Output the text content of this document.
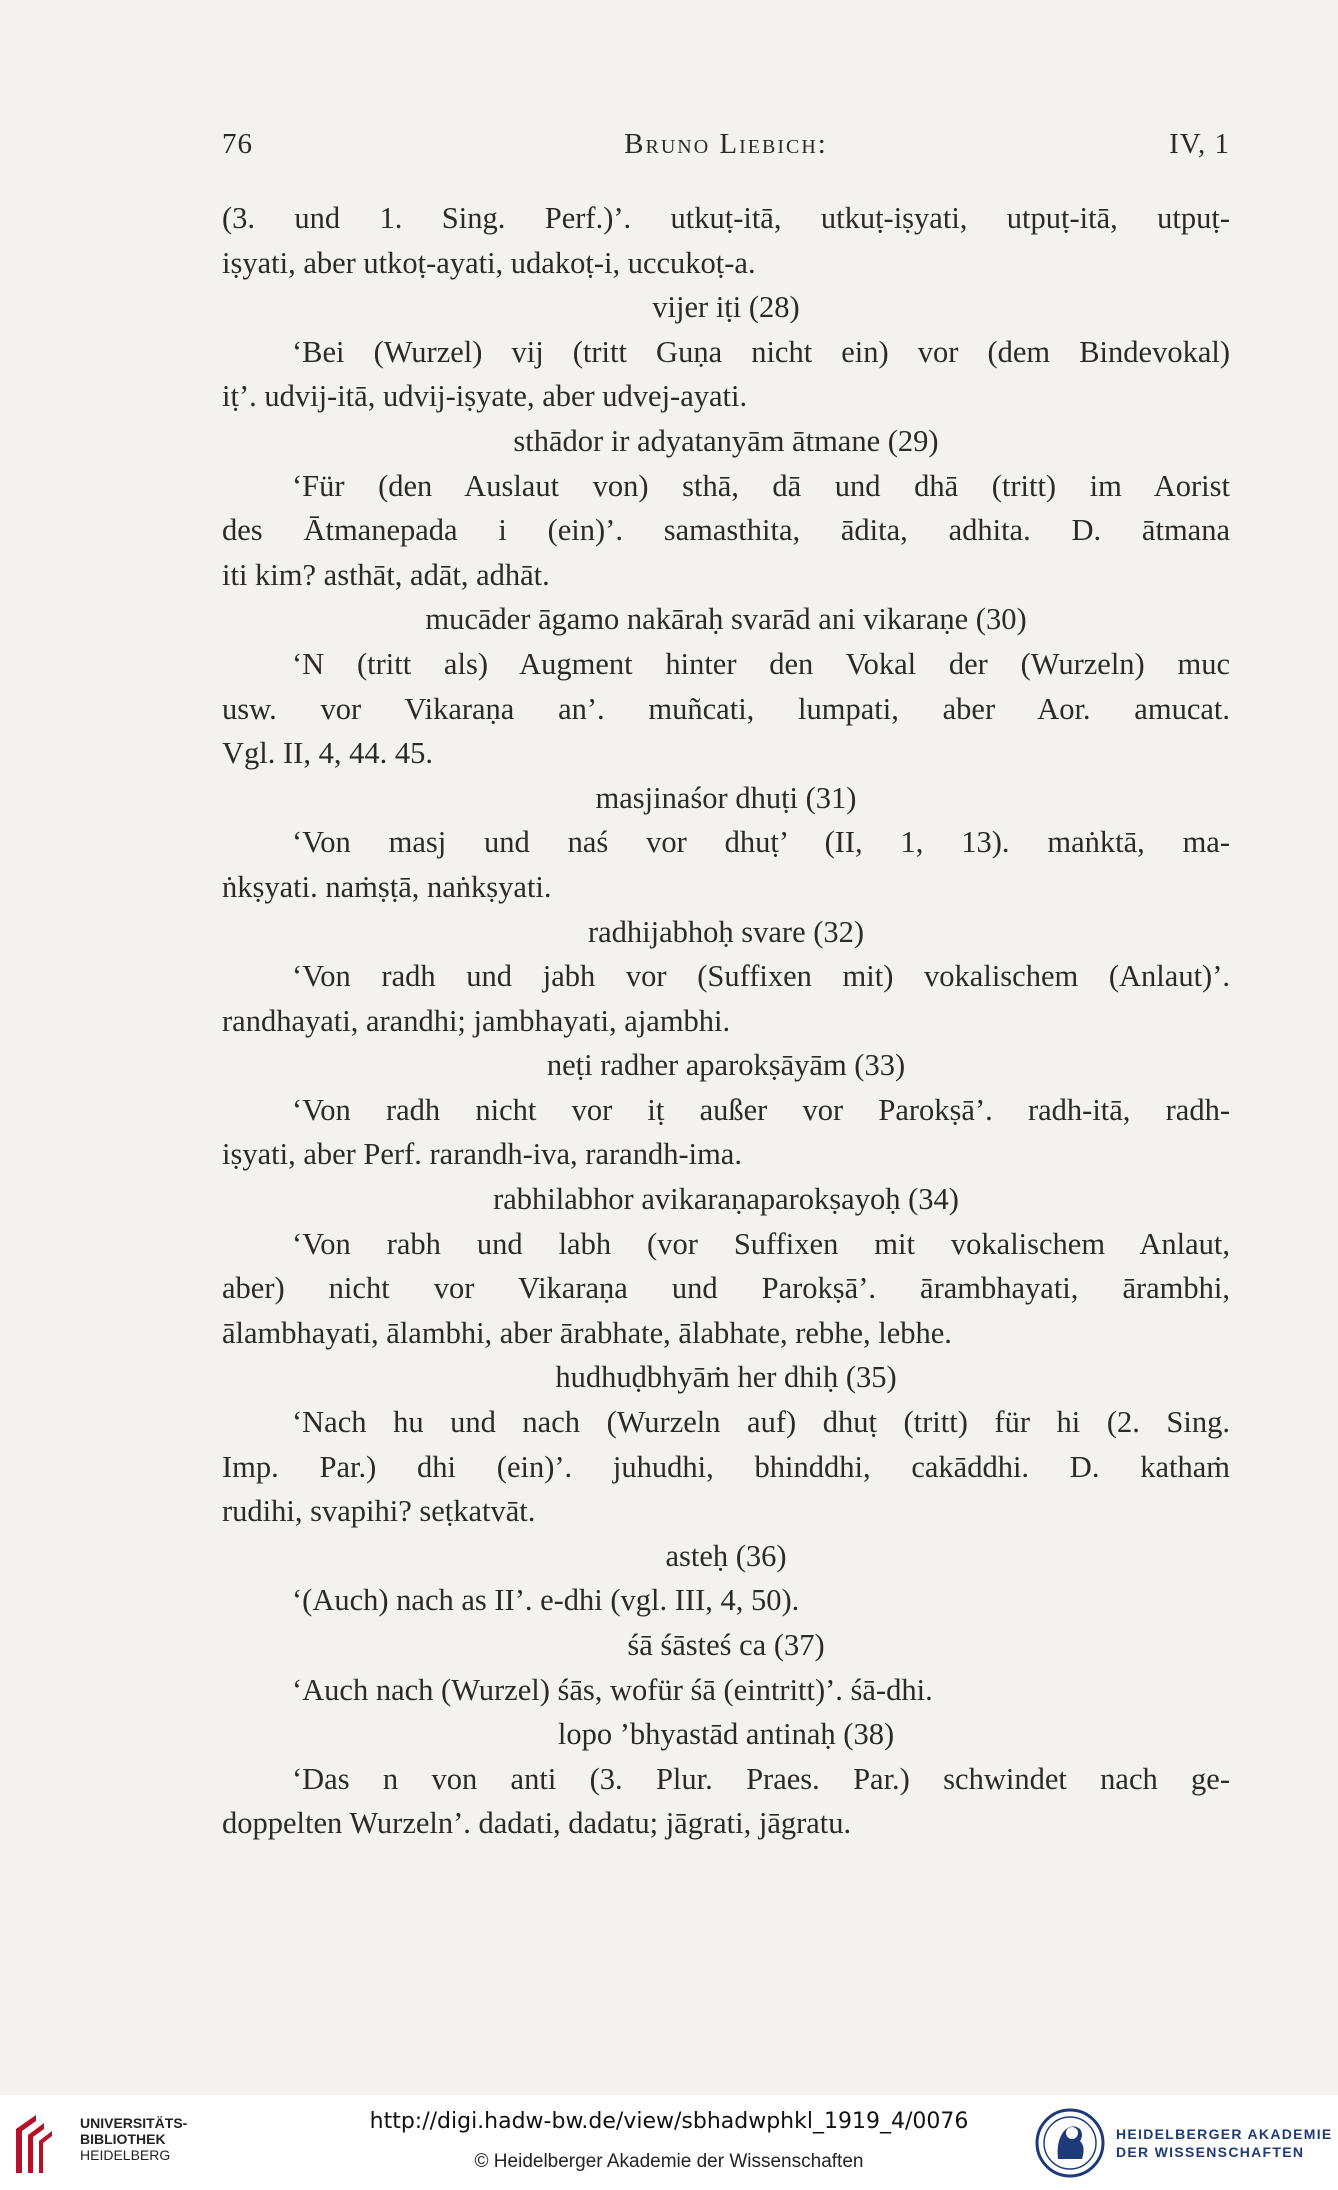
76	Bruno Liebich:	IV, 1

(3. und 1. Sing. Perf.)’. utkuṭ-itā, utkuṭ-iṣyati, utpuṭ-itā, utpuṭ-

iṣyati, aber utkoṭ-ayati, udakoṭ-i, uccukoṭ-a.

vijer iṭi (28)

‘Bei (Wurzel) vij (tritt Guṇa nicht ein) vor (dem Bindevokal)

iṭ’. udvij-itā, udvij-iṣyate, aber udvej-ayati.

sthādor ir adyatanyām ātmane (29)

‘Für (den Auslaut von) sthā, dā und dhā (tritt) im Aorist

des Ātmanepada i (ein)’. samasthita, ādita, adhita. D. ātmana

iti kim? asthāt, adāt, adhāt.

mucāder āgamo nakāraḥ svarād ani vikaraṇe (30)

‘N (tritt als) Augment hinter den Vokal der (Wurzeln) muc

usw. vor Vikaraṇa an’. muñcati, lumpati, aber Aor. amucat.

Vgl. II, 4, 44. 45.

masjinaśor dhuṭi (31)

‘Von masj und naś vor dhuṭ’ (II, 1, 13). maṅktā, ma-

ṅkṣyati. naṁṣṭā, naṅkṣyati.

radhijabhoḥ svare (32)

‘Von radh und jabh vor (Suffixen mit) vokalischem (Anlaut)’.

randhayati, arandhi; jambhayati, ajambhi.

neṭi radher aparokṣāyām (33)

‘Von radh nicht vor iṭ außer vor Parokṣā’. radh-itā, radh-

iṣyati, aber Perf. rarandh-iva, rarandh-ima.

rabhilabhor avikaraṇaparokṣayoḥ (34)

‘Von rabh und labh (vor Suffixen mit vokalischem Anlaut,

aber) nicht vor Vikaraṇa und Parokṣā’. ārambhayati, ārambhi,

ālambhayati, ālambhi, aber ārabhate, ālabhate, rebhe, lebhe.

hudhuḍbhyāṁ her dhiḥ (35)

‘Nach hu und nach (Wurzeln auf) dhuṭ (tritt) für hi (2. Sing.

Imp. Par.) dhi (ein)’. juhudhi, bhinddhi, cakāddhi. D. kathaṁ

rudihi, svapihi? seṭkatvāt.

asteḥ (36)

‘(Auch) nach as II’. e-dhi (vgl. III, 4, 50).

śā śāsteś ca (37)

‘Auch nach (Wurzel) śās, wofür śā (eintritt)’. śā-dhi.

lopo ’bhyastād antinaḥ (38)

‘Das n von anti (3. Plur. Praes. Par.) schwindet nach ge-

doppelten Wurzeln’. dadati, dadatu; jāgrati, jāgratu.

UNIVERSITÄTS-
BIBLIOTHEK
HEIDELBERG
http://digi.hadw-bw.de/view/sbhadwphkl_1919_4/0076
© Heidelberger Akademie der Wissenschaften
HEIDELBERGER AKADEMIE
DER WISSENSCHAFTEN
